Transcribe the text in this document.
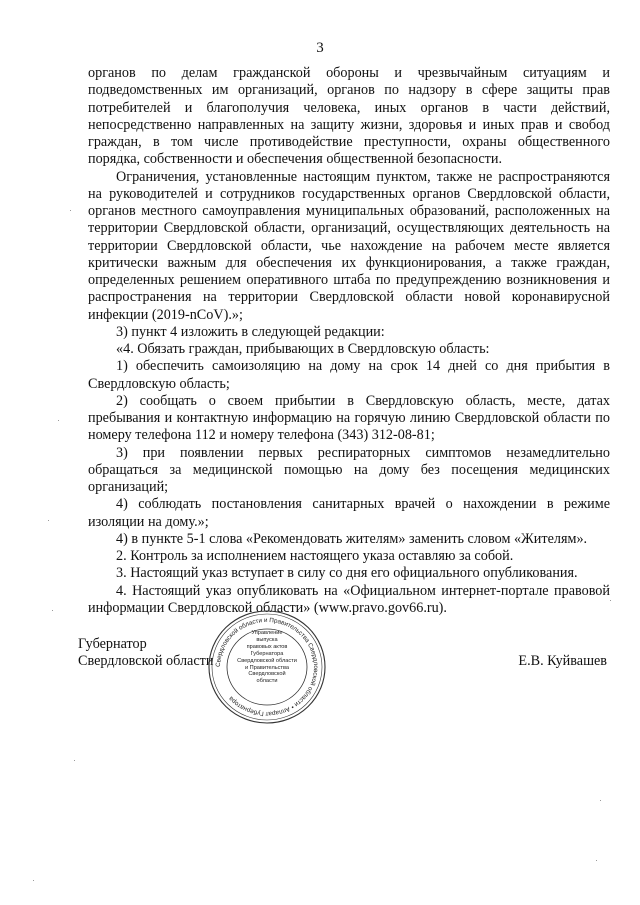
3

органов по делам гражданской обороны и чрезвычайным ситуациям и подведомственных им организаций, органов по надзору в сфере защиты прав потребителей и благополучия человека, иных органов в части действий, непосредственно направленных на защиту жизни, здоровья и иных прав и свобод граждан, в том числе противодействие преступности, охраны общественного порядка, собственности и обеспечения общественной безопасности.

Ограничения, установленные настоящим пунктом, также не распространяются на руководителей и сотрудников государственных органов Свердловской области, органов местного самоуправления муниципальных образований, расположенных на территории Свердловской области, организаций, осуществляющих деятельность на территории Свердловской области, чье нахождение на рабочем месте является критически важным для обеспечения их функционирования, а также граждан, определенных решением оперативного штаба по предупреждению возникновения и распространения на территории Свердловской области новой коронавирусной инфекции (2019-nCoV).»;

3) пункт 4 изложить в следующей редакции:

«4. Обязать граждан, прибывающих в Свердловскую область:

1) обеспечить самоизоляцию на дому на срок 14 дней со дня прибытия в Свердловскую область;

2) сообщать о своем прибытии в Свердловскую область, месте, датах пребывания и контактную информацию на горячую линию Свердловской области по номеру телефона 112 и номеру телефона (343) 312-08-81;

3) при появлении первых респираторных симптомов незамедлительно обращаться за медицинской помощью на дому без посещения медицинских организаций;

4) соблюдать постановления санитарных врачей о нахождении в режиме изоляции на дому.»;

4) в пункте 5-1 слова «Рекомендовать жителям» заменить словом «Жителям».

2. Контроль за исполнением настоящего указа оставляю за собой.

3. Настоящий указ вступает в силу со дня его официального опубликования.

4. Настоящий указ опубликовать на «Официальном интернет-портале правовой информации Свердловской области» (www.pravo.gov66.ru).

Губернатор
Свердловской области	Е.В. Куйвашев
Свердловской области и Правительства Свердловской области • Аппарат Губернатора
Управление
выпуска
правовых актов
Губернатора
Свердловской области
и Правительства
Свердловской
области
